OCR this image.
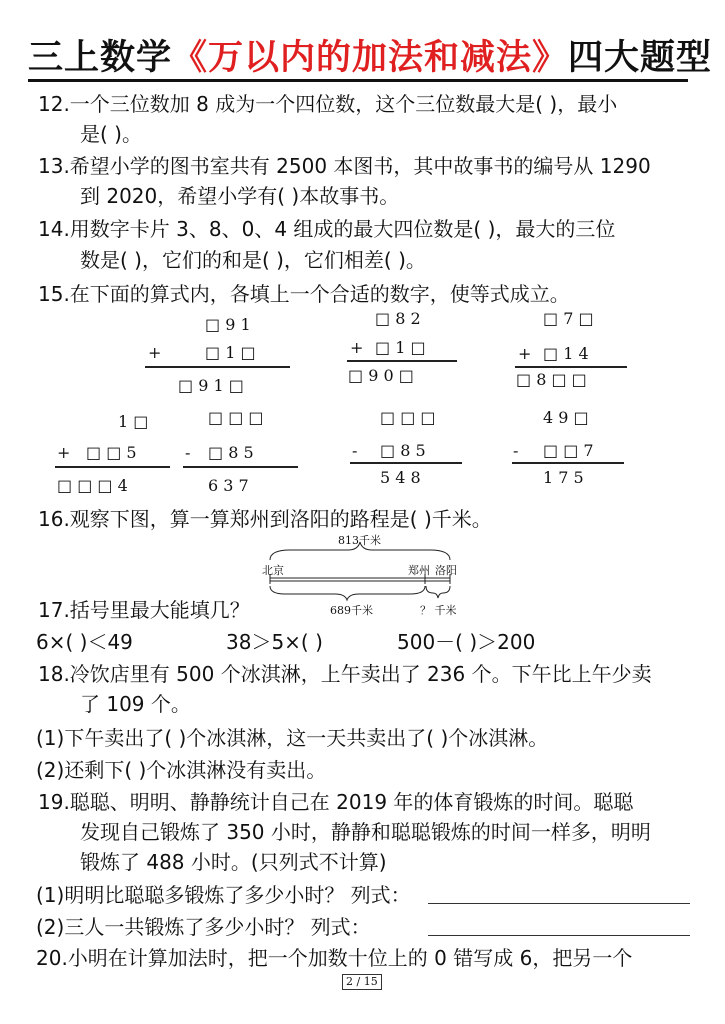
三上数学《万以内的加法和减法》四大题型
12.一个三位数加 8 成为一个四位数，这个三位数最大是( )，最小
是( )。
13.希望小学的图书室共有 2500 本图书，其中故事书的编号从 1290
到 2020，希望小学有( )本故事书。
14.用数字卡片 3、8、0、4 组成的最大四位数是( )，最大的三位
数是( )，它们的和是( )，它们相差( )。
15.在下面的算式内，各填上一个合适的数字，使等式成立。
□ 9 1
+	□ 1 □
□ 9 1 □
□ 8 2
+ □ 1 □
□ 9 0 □
□ 7 □
+ □ 1 4
□ 8 □ □
1 □
+ □ □ 5
□ □ □ 4
□ □ □
- □ 8 5
6 3 7
□ □ □
- □ 8 5
5 4 8
4 9 □
- □ □ 7
1 7 5
16.观察下图，算一算郑州到洛阳的路程是( )千米。
813千米
北京	郑州 洛阳
689千米	？ 千米
17.括号里最大能填几？
6×( )＜49	38＞5×( )	500－( )＞200
18.冷饮店里有 500 个冰淇淋，上午卖出了 236 个。下午比上午少卖
了 109 个。
(1)下午卖出了( )个冰淇淋，这一天共卖出了( )个冰淇淋。
(2)还剩下( )个冰淇淋没有卖出。
19.聪聪、明明、静静统计自己在 2019 年的体育锻炼的时间。聪聪
发现自己锻炼了 350 小时，静静和聪聪锻炼的时间一样多，明明
锻炼了 488 小时。(只列式不计算)
(1)明明比聪聪多锻炼了多少小时？ 列式：
(2)三人一共锻炼了多少小时？ 列式：
20.小明在计算加法时，把一个加数十位上的 0 错写成 6，把另一个
2 / 15
